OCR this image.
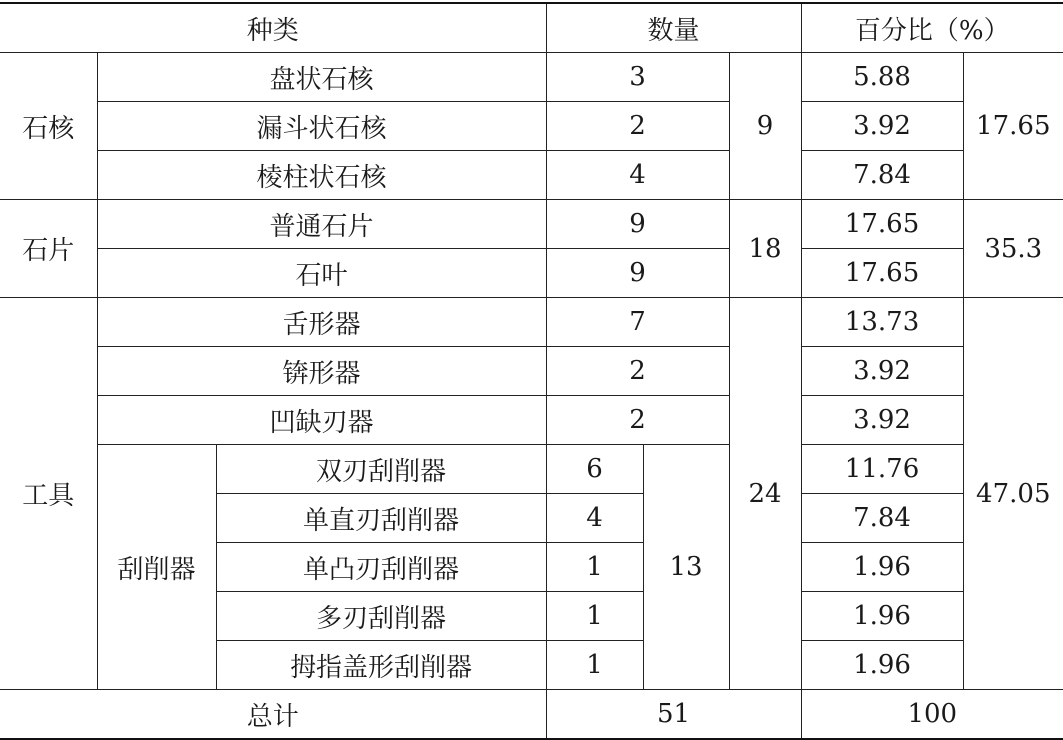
种类			数量			百分比（%）	
石核	盘状石核		3		9	5.88	17.65
	漏斗状石核		2			3.92	
	棱柱状石核		4			7.84	
石片	普通石片		9		18	17.65	35.3
	石叶		9			17.65	
工具	舌形器		7		24	13.73	47.05
	锛形器		2			3.92	
	凹缺刃器		2			3.92	
	刮削器	双刃刮削器	6	13		11.76	
		单直刃刮削器	4			7.84	
		单凸刃刮削器	1			1.96	
		多刃刮削器	1			1.96	
		拇指盖形刮削器	1			1.96	
总计			51			100	
